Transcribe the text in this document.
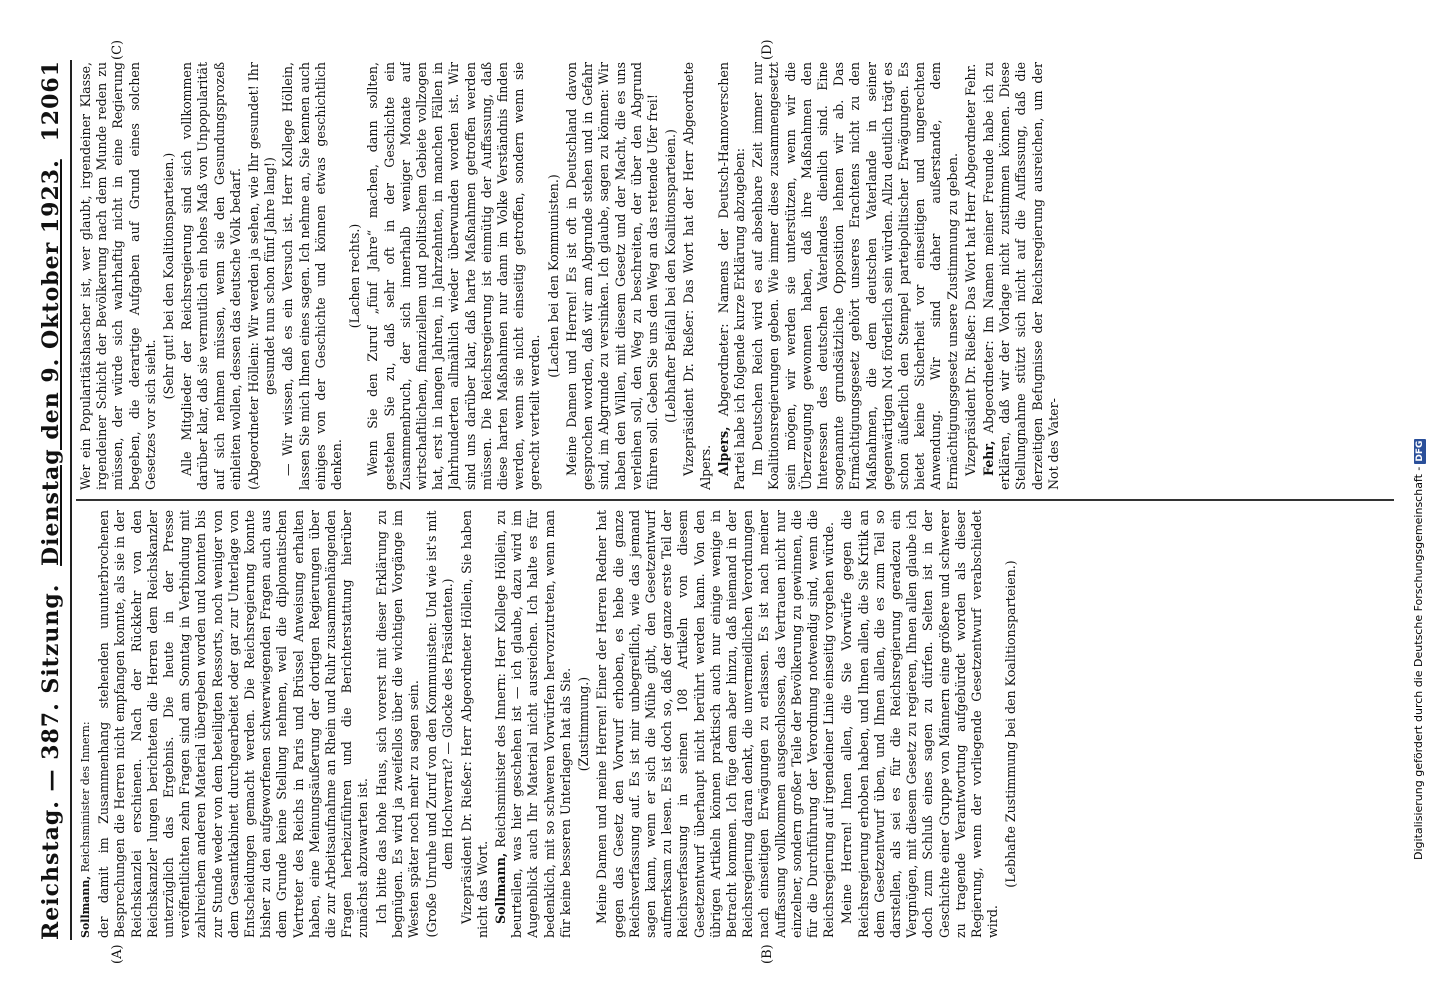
Reichstag. — 387. Sitzung.
Dienstag den 9. Oktober 1923.
12061
(A)	(B)
(C)	(D)

Sollmann, Reichsminister des Innern: der damit im Zusammenhang stehenden ununterbrochenen Besprechungen die Herren nicht empfangen konnte, als sie in der Reichskanzlei erschienen. Nach der Rückkehr von den Reichskanzler lungen berichteten die Herren dem Reichskanzler unterzüglich das Ergebnis. Die heute in der Presse veröffentlichten zehn Fragen sind am Sonntag in Verbindung mit zahlreichem anderen Material übergeben worden und konnten bis zur Stunde weder von dem beteiligten Ressorts, noch weniger von dem Gesamtkabinett durchgearbeitet oder gar zur Unterlage von Entscheidungen gemacht werden. Die Reichsregierung konnte bisher zu den aufgeworfenen schwerwiegenden Fragen auch aus dem Grunde keine Stellung nehmen, weil die diplomatischen Vertreter des Reichs in Paris und Brüssel Anweisung erhalten haben, eine Meinungsäußerung der dortigen Regierungen über die zur Arbeitsaufnahme an Rhein und Ruhr zusammenhängenden Fragen herbeizuführen und die Berichterstattung hierüber zunächst abzuwarten ist. Ich bitte das hohe Haus, sich vorerst mit dieser Erklärung zu begnügen. Es wird ja zweifellos über die wichtigen Vorgänge im Westen später noch mehr zu sagen sein. (Große Unruhe und Zuruf von den Kommunisten: Und wie ist's mit dem Hochverrat? — Glocke des Präsidenten.) Vizepräsident Dr. Rießer: Herr Abgeordneter Höllein, Sie haben nicht das Wort. Sollmann, Reichsminister des Innern: Herr Kollege Höllein, zu beurteilen, was hier geschehen ist — ich glaube, dazu wird im Augenblick auch Ihr Material nicht ausreichen. Ich halte es für bedenklich, mit so schweren Vorwürfen hervorzutreten, wenn man für keine besseren Unterlagen hat als Sie. (Zustimmung.) Meine Damen und meine Herren! Einer der Herren Redner hat gegen das Gesetz den Vorwurf erhoben, es hebe die ganze Reichsverfassung auf. Es ist mir unbegreiflich, wie das jemand sagen kann, wenn er sich die Mühe gibt, den Gesetzentwurf aufmerksam zu lesen. Es ist doch so, daß der ganze erste Teil der Reichsverfassung in seinen 108 Artikeln von diesem Gesetzentwurf überhaupt nicht berührt werden kann. Von den übrigen Artikeln können praktisch auch nur einige wenige in Betracht kommen. Ich füge dem aber hinzu, daß niemand in der Reichsregierung daran denkt, die unvermeidlichen Verordnungen nach einseitigen Erwägungen zu erlassen. Es ist nach meiner Auffassung vollkommen ausgeschlossen, das Vertrauen nicht nur einzelner, sondern großer Teile der Bevölkerung zu gewinnen, die für die Durchführung der Verordnung notwendig sind, wenn die Reichsregierung auf irgendeiner Linie einseitig vorgehen würde. Meine Herren! Ihnen allen, die Sie Vorwürfe gegen die Reichsregierung erhoben haben, und Ihnen allen, die Sie Kritik an dem Gesetzentwurf üben, und Ihnen allen, die es zum Teil so darstellen, als sei es für die Reichsregierung geradezu ein Vergnügen, mit diesem Gesetz zu regieren, Ihnen allen glaube ich doch zum Schluß eines sagen zu dürfen. Selten ist in der Geschichte einer Gruppe von Männern eine größere und schwerer zu tragende Verantwortung aufgebürdet worden als dieser Regierung, wenn der vorliegende Gesetzentwurf verabschiedet wird.

(Lebhafte Zustimmung bei den Koalitionsparteien.)

Wer ein Popularitätshascher ist, wer glaubt, irgendeiner Klasse, irgendeiner Schicht der Bevölkerung nach dem Munde reden zu müssen, der würde sich wahrhaftig nicht in eine Regierung begeben, die derartige Aufgaben auf Grund eines solchen Gesetzes vor sich sieht.

(Sehr gut! bei den Koalitionsparteien.) Alle Mitglieder der Reichsregierung sind sich vollkommen darüber klar, daß sie vermutlich ein hohes Maß von Unpopularität auf sich nehmen müssen, wenn sie den Gesundungsprozeß einleiten wollen, dessen das deutsche Volk bedarf. (Abgeordneter Höllein: Wir werden ja sehen, wie Ihr gesundet! Ihr gesundet nun schon fünf Jahre lang!) — Wir wissen, daß es ein Versuch ist. Herr Kollege Höllein, lassen Sie mich Ihnen eines sagen. Ich nehme an, Sie kennen auch einiges von der Geschichte und können etwas geschichtlich denken.

(Lachen rechts.) Wenn Sie den Zuruf „fünf Jahre“ machen, dann sollten, gestehen Sie zu, daß sehr oft in der Geschichte ein Zusammenbruch, der sich innerhalb weniger Monate auf wirtschaftlichem, finanziellem und politischem Gebiete vollzogen hat, erst in langen Jahren, in Jahrzehnten, in manchen Fällen in Jahrhunderten allmählich wieder überwunden worden ist. Wir sind uns darüber klar, daß harte Maßnahmen getroffen werden müssen. Die Reichsregierung ist einmütig der Auffassung, daß diese harten Maßnahmen nur dann im Volke Verständnis finden werden, wenn sie nicht einseitig getroffen, sondern wenn sie gerecht verteilt werden.

(Lachen bei den Kommunisten.) Meine Damen und Herren! Es ist oft in Deutschland davon gesprochen worden, daß wir am Abgrunde stehen und in Gefahr sind, im Abgrunde zu versinken. Ich glaube, sagen zu können: Wir haben den Willen, mit diesem Gesetz und der Macht, die es uns verleihen soll, den Weg zu beschreiten, der über den Abgrund führen soll. Geben Sie uns den Weg an das rettende Ufer frei! (Lebhafter Beifall bei den Koalitionsparteien.) Vizepräsident Dr. Rießer: Das Wort hat der Herr Abgeordnete Alpers. Alpers, Abgeordneter: Namens der Deutsch-Hannoverschen Partei habe ich folgende kurze Erklärung abzugeben: Im Deutschen Reich wird es auf absehbare Zeit immer nur Koalitionsregierungen geben. Wie immer diese zusammengesetzt sein mögen, wir werden sie unterstützen, wenn wir die Überzeugung gewonnen haben, daß ihre Maßnahmen den Interessen des deutschen Vaterlandes dienlich sind. Eine sogenannte grundsätzliche Opposition lehnen wir ab. Das Ermächtigungsgesetz gehört unseres Erachtens nicht zu den Maßnahmen, die dem deutschen Vaterlande in seiner gegenwärtigen Not förderlich sein würden. Allzu deutlich trägt es schon äußerlich den Stempel parteipolitischer Erwägungen. Es bietet keine Sicherheit vor einseitigen und ungerechten Anwendung. Wir sind daher außerstande, dem Ermächtigungsgesetz unsere Zustimmung zu geben. Vizepräsident Dr. Rießer: Das Wort hat Herr Abgeordneter Fehr. Fehr, Abgeordneter: Im Namen meiner Freunde habe ich zu erklären, daß wir der Vorlage nicht zustimmen können. Diese Stellungnahme stützt sich nicht auf die Auffassung, daß die derzeitigen Befugnisse der Reichsregierung ausreichen, um der Not des Vater-

Digitalisierung gefördert durch die Deutsche Forschungsgemeinschaft -DFG
